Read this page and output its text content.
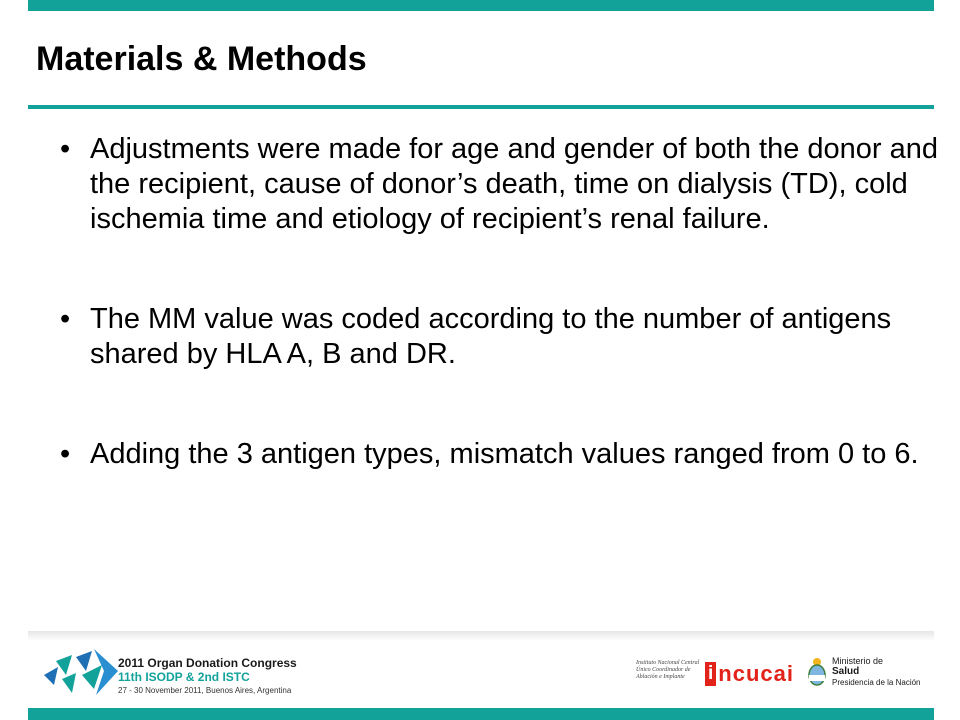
Materials & Methods
• Adjustments were made for age and gender of both the donor and the recipient, cause of donor’s death, time on dialysis (TD), cold ischemia time and etiology of recipient’s renal failure.
• The MM value was coded according to the number of antigens shared by HLA A, B and DR.
• Adding the 3 antigen types, mismatch values ranged from 0 to 6.
2011 Organ Donation Congress
11th ISODP & 2nd ISTC
27 - 30 November 2011, Buenos Aires, Argentina
Instituto Nacional Central Único Coordinador de Ablación e Implante	i ncucai	Ministerio de
Salud
Presidencia de la Nación
